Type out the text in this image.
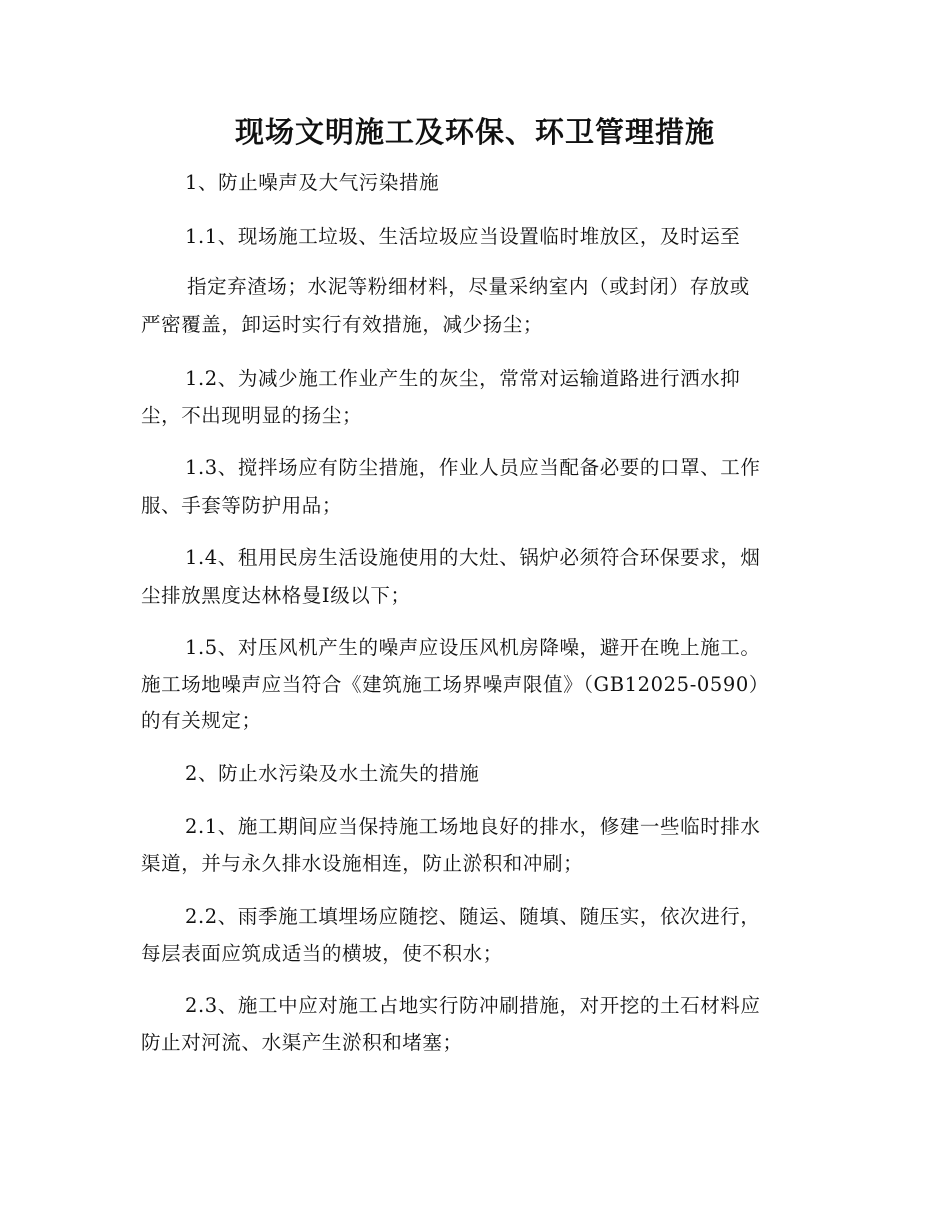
现场文明施工及环保、环卫管理措施
1、防止噪声及大气污染措施
1.1、现场施工垃圾、生活垃圾应当设置临时堆放区，及时运至
指定弃渣场；水泥等粉细材料，尽量采纳室内（或封闭）存放或
严密覆盖，卸运时实行有效措施，减少扬尘；
1.2、为减少施工作业产生的灰尘，常常对运输道路进行洒水抑
尘，不出现明显的扬尘；
1.3、搅拌场应有防尘措施，作业人员应当配备必要的口罩、工作
服、手套等防护用品；
1.4、租用民房生活设施使用的大灶、锅炉必须符合环保要求，烟
尘排放黑度达林格曼Ⅰ级以下；
1.5、对压风机产生的噪声应设压风机房降噪，避开在晚上施工。
施工场地噪声应当符合《建筑施工场界噪声限值》（GB12025-0590）
的有关规定；
2、防止水污染及水土流失的措施
2.1、施工期间应当保持施工场地良好的排水，修建一些临时排水
渠道，并与永久排水设施相连，防止淤积和冲刷；
2.2、雨季施工填埋场应随挖、随运、随填、随压实，依次进行，
每层表面应筑成适当的横坡，使不积水；
2.3、施工中应对施工占地实行防冲刷措施，对开挖的土石材料应
防止对河流、水渠产生淤积和堵塞；
